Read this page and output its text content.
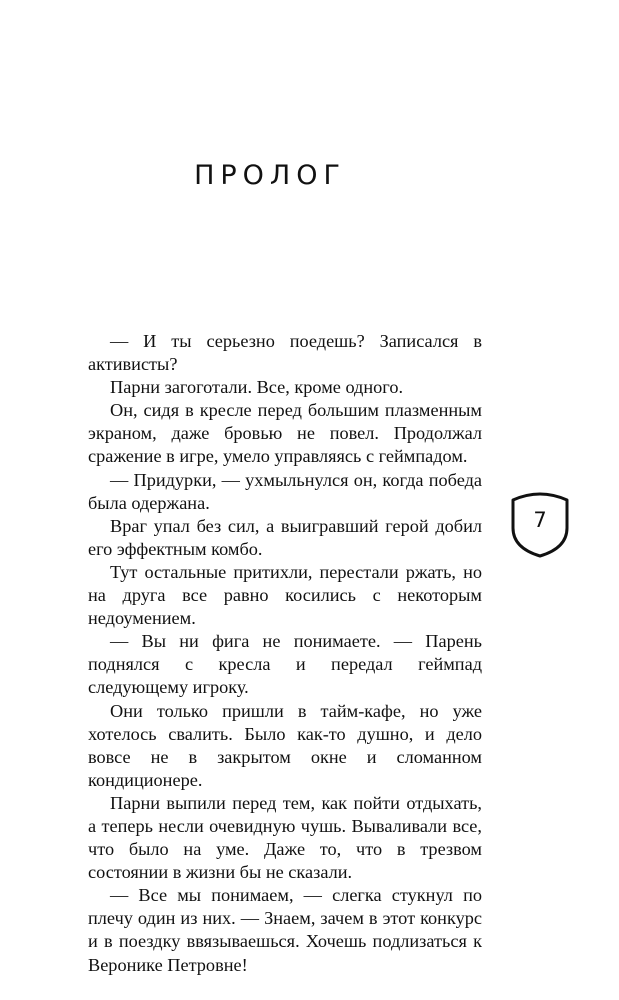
ПРОЛОГ

— И ты серьезно поедешь? Записался в активисты?

Парни загоготали. Все, кроме одного.

Он, сидя в кресле перед большим плазменным экраном, даже бровью не повел. Продолжал сражение в игре, умело управляясь с геймпадом.

— Придурки, — ухмыльнулся он, когда победа была одержана.

Враг упал без сил, а выигравший герой добил его эффектным комбо.

Тут остальные притихли, перестали ржать, но на друга все равно косились с некоторым недоумением.

— Вы ни фига не понимаете. — Парень поднялся с кресла и передал геймпад следующему игроку.

Они только пришли в тайм-кафе, но уже хотелось свалить. Было как-то душно, и дело вовсе не в закрытом окне и сломанном кондиционере.

Парни выпили перед тем, как пойти отдыхать, а теперь несли очевидную чушь. Вываливали все, что было на уме. Даже то, что в трезвом состоянии в жизни бы не сказали.

— Все мы понимаем, — слегка стукнул по плечу один из них. — Знаем, зачем в этот конкурс и в поездку ввязываешься. Хочешь подлизаться к Веронике Петровне!

7
